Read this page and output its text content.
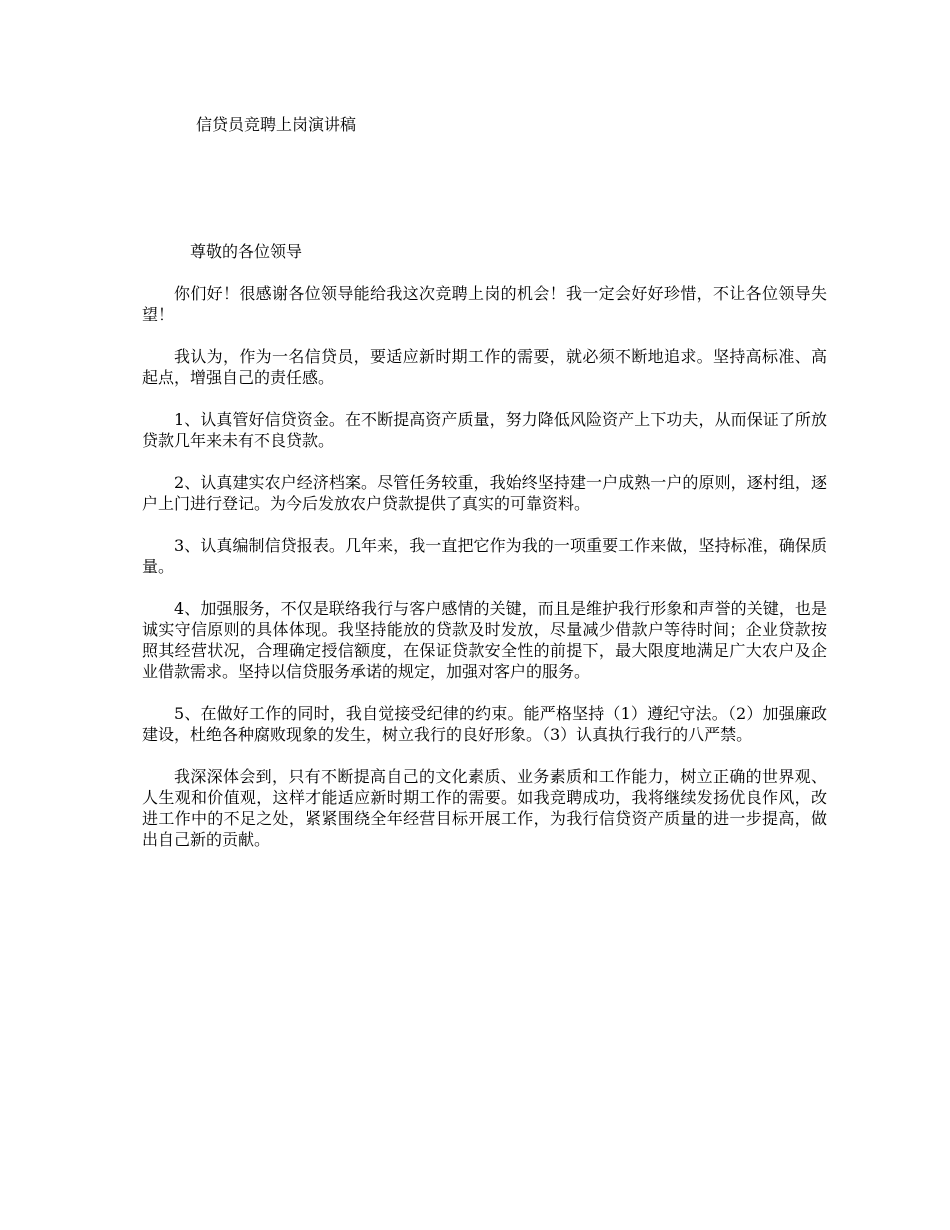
信贷员竞聘上岗演讲稿
尊敬的各位领导

你们好！很感谢各位领导能给我这次竞聘上岗的机会！我一定会好好珍惜，不让各位领导失望！

我认为，作为一名信贷员，要适应新时期工作的需要，就必须不断地追求。坚持高标准、高起点，增强自己的责任感。

1、认真管好信贷资金。在不断提高资产质量，努力降低风险资产上下功夫，从而保证了所放贷款几年来未有不良贷款。

2、认真建实农户经济档案。尽管任务较重，我始终坚持建一户成熟一户的原则，逐村组，逐户上门进行登记。为今后发放农户贷款提供了真实的可靠资料。

3、认真编制信贷报表。几年来，我一直把它作为我的一项重要工作来做，坚持标准，确保质量。

4、加强服务，不仅是联络我行与客户感情的关键，而且是维护我行形象和声誉的关键，也是诚实守信原则的具体体现。我坚持能放的贷款及时发放，尽量减少借款户等待时间；企业贷款按照其经营状况，合理确定授信额度，在保证贷款安全性的前提下，最大限度地满足广大农户及企业借款需求。坚持以信贷服务承诺的规定，加强对客户的服务。

5、在做好工作的同时，我自觉接受纪律的约束。能严格坚持（1）遵纪守法。（2）加强廉政建设，杜绝各种腐败现象的发生，树立我行的良好形象。（3）认真执行我行的八严禁。

我深深体会到，只有不断提高自己的文化素质、业务素质和工作能力，树立正确的世界观、人生观和价值观，这样才能适应新时期工作的需要。如我竞聘成功，我将继续发扬优良作风，改进工作中的不足之处，紧紧围绕全年经营目标开展工作，为我行信贷资产质量的进一步提高，做出自己新的贡献。
